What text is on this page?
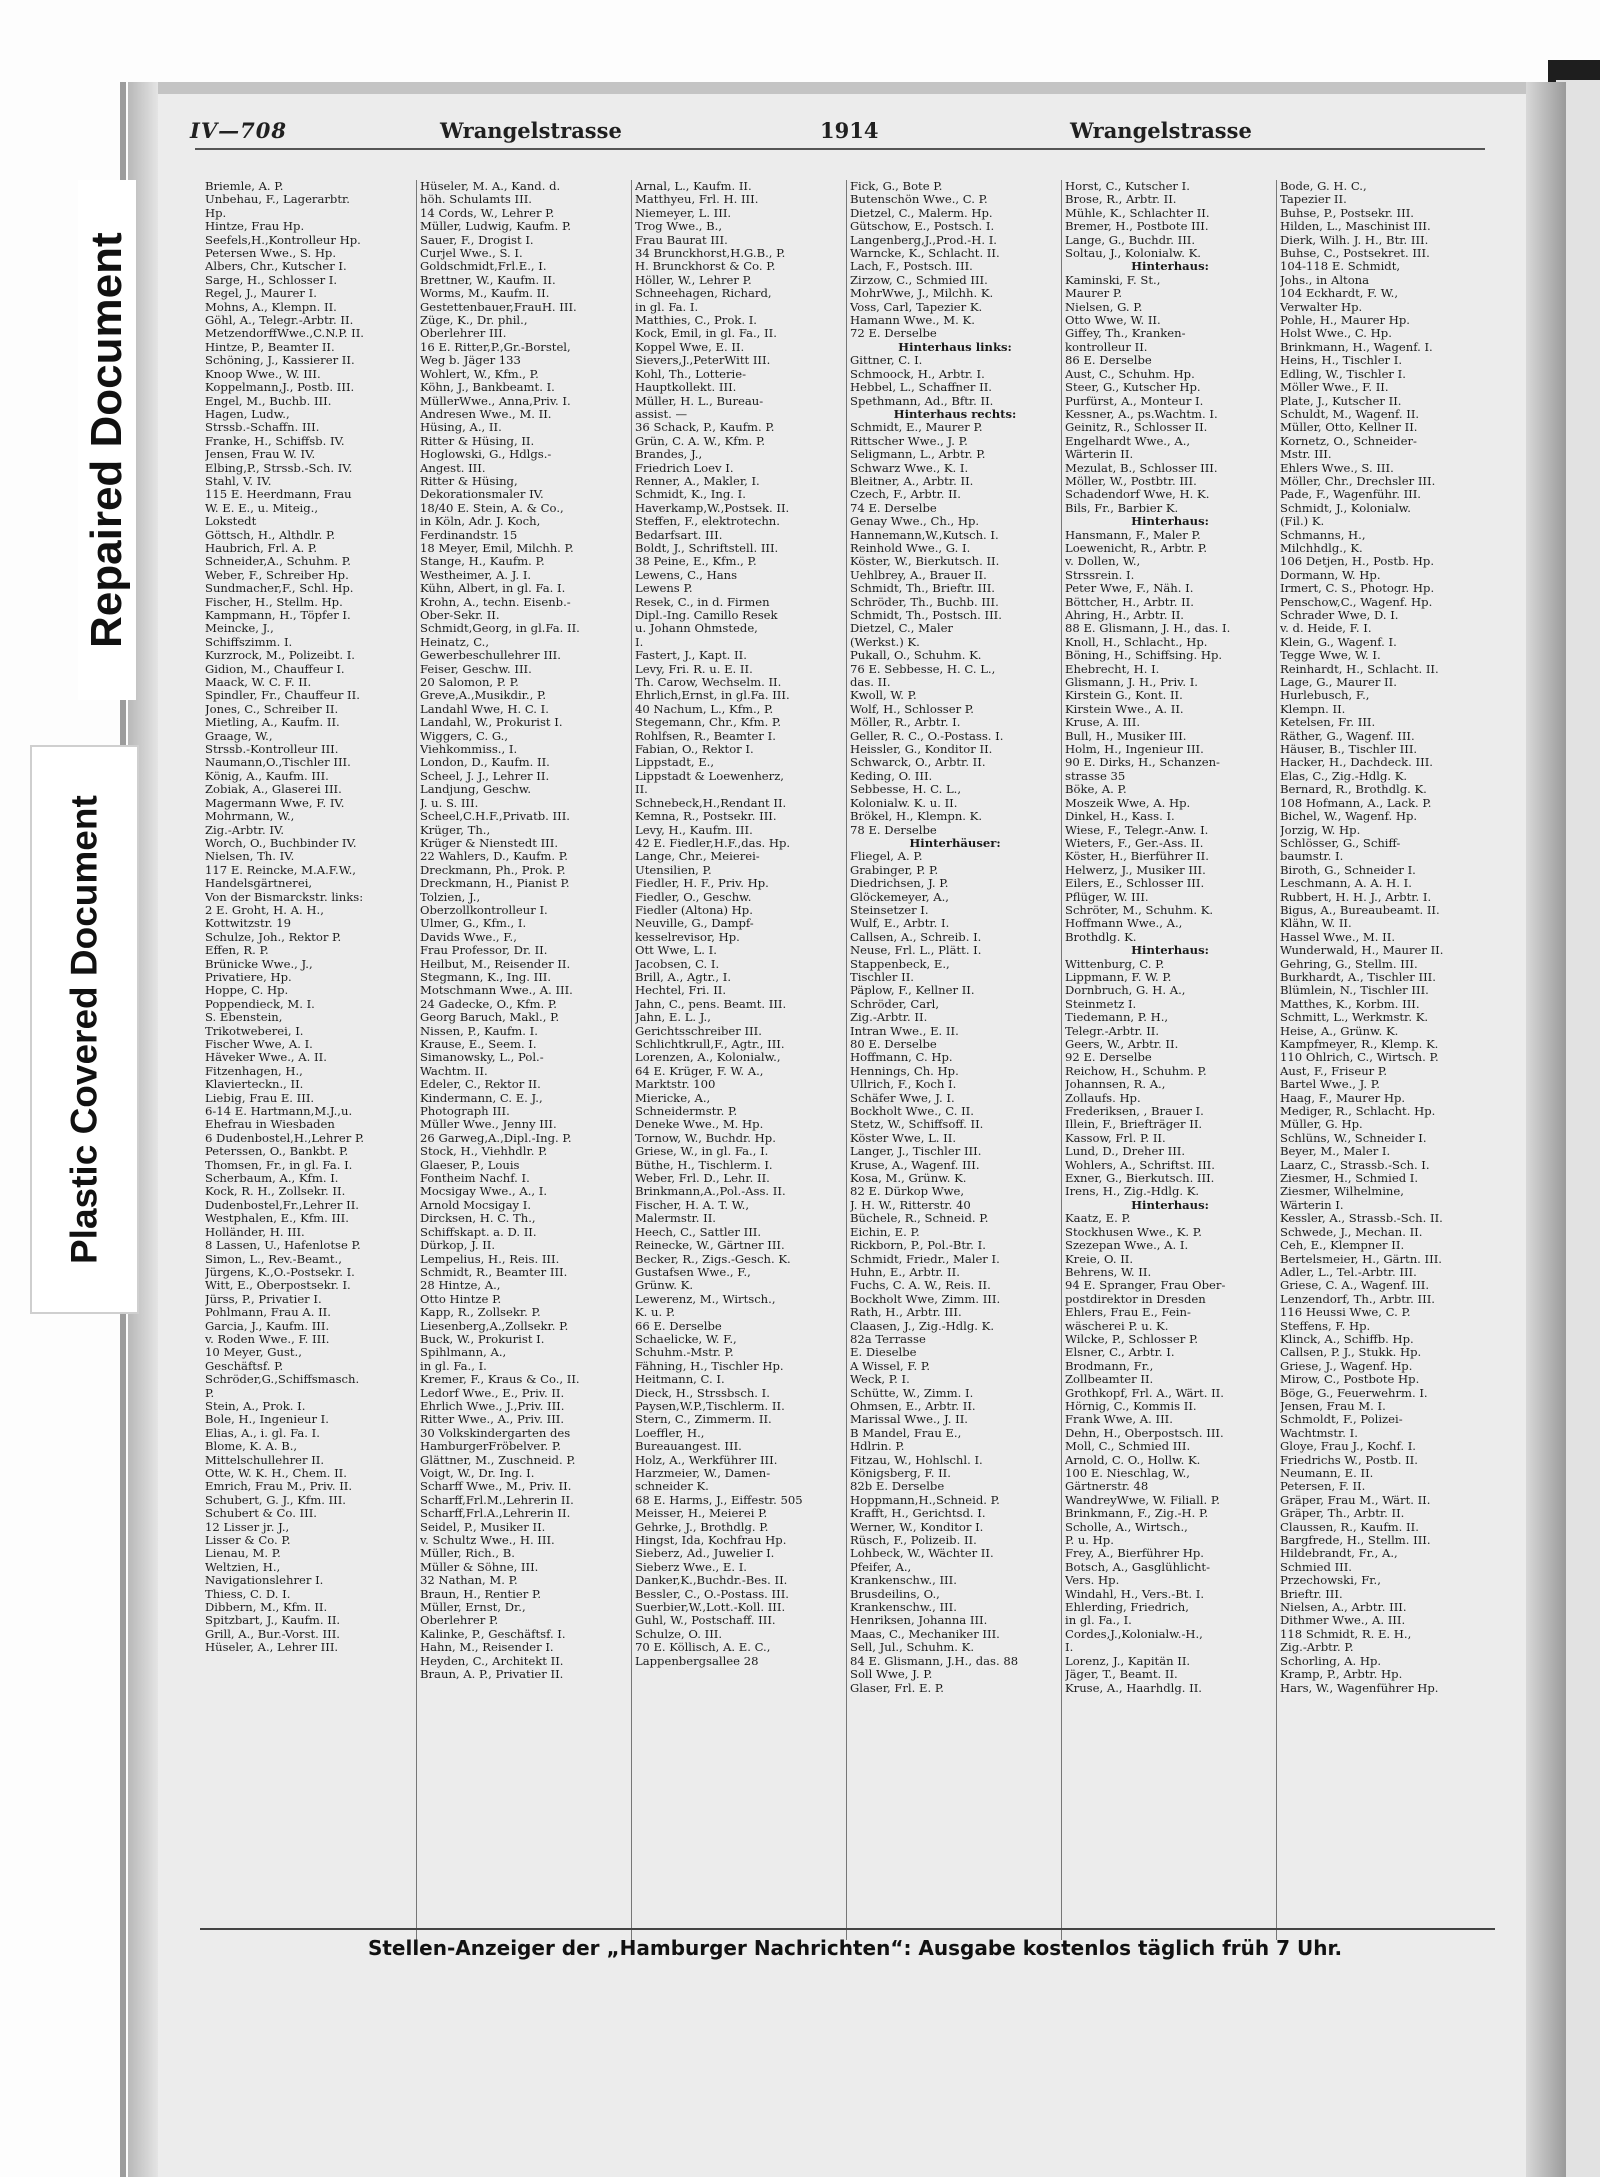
Repaired Document
Plastic Covered Document
IV—708	Wrangelstrasse	1914	Wrangelstrasse
Briemle, A. P.
Unbehau, F., Lagerarbtr.
Hp.
Hintze, Frau Hp.
Seefels,H.,Kontrolleur Hp.
Petersen Wwe., S. Hp.
Albers, Chr., Kutscher I.
Sarge, H., Schlosser I.
Regel, J., Maurer I.
Mohns, A., Klempn. II.
Göhl, A., Telegr.-Arbtr. II.
MetzendorffWwe.,C.N.P. II.
Hintze, P., Beamter II.
Schöning, J., Kassierer II.
Knoop Wwe., W. III.
Koppelmann,J., Postb. III.
Engel, M., Buchb. III.
Hagen, Ludw.,
Strssb.-Schaffn. III.
Franke, H., Schiffsb. IV.
Jensen, Frau W. IV.
Elbing,P., Strssb.-Sch. IV.
Stahl, V. IV.
115 E. Heerdmann, Frau
W. E. E., u. Miteig.,
Lokstedt
Göttsch, H., Althdlr. P.
Haubrich, Frl. A. P.
Schneider,A., Schuhm. P.
Weber, F., Schreiber Hp.
Sundmacher,F., Schl. Hp.
Fischer, H., Stellm. Hp.
Kampmann, H., Töpfer I.
Meincke, J.,
Schiffszimm. I.
Kurzrock, M., Polizeibt. I.
Gidion, M., Chauffeur I.
Maack, W. C. F. II.
Spindler, Fr., Chauffeur II.
Jones, C., Schreiber II.
Mietling, A., Kaufm. II.
Graage, W.,
Strssb.-Kontrolleur III.
Naumann,O.,Tischler III.
König, A., Kaufm. III.
Zobiak, A., Glaserei III.
Magermann Wwe, F. IV.
Mohrmann, W.,
Zig.-Arbtr. IV.
Worch, O., Buchbinder IV.
Nielsen, Th. IV.
117 E. Reincke, M.A.F.W.,
Handelsgärtnerei,
Von der Bismarckstr. links:
2 E. Groht, H. A. H.,
Kottwitzstr. 19
Schulze, Joh., Rektor P.
Effen, R. P.
Brünicke Wwe., J.,
Privatiere, Hp.
Hoppe, C. Hp.
Poppendieck, M. I.
S. Ebenstein,
Trikotweberei, I.
Fischer Wwe, A. I.
Häveker Wwe., A. II.
Fitzenhagen, H.,
Klavierteckn., II.
Liebig, Frau E. III.
6-14 E. Hartmann,M.J.,u.
Ehefrau in Wiesbaden
6 Dudenbostel,H.,Lehrer P.
Peterssen, O., Bankbt. P.
Thomsen, Fr., in gl. Fa. I.
Scherbaum, A., Kfm. I.
Kock, R. H., Zollsekr. II.
Dudenbostel,Fr.,Lehrer II.
Westphalen, E., Kfm. III.
Holländer, H. III.
8 Lassen, U., Hafenlotse P.
Simon, L., Rev.-Beamt.,
Jürgens, K.,O.-Postsekr. I.
Witt, E., Oberpostsekr. I.
Jürss, P., Privatier I.
Pohlmann, Frau A. II.
Garcia, J., Kaufm. III.
v. Roden Wwe., F. III.
10 Meyer, Gust.,
Geschäftsf. P.
Schröder,G.,Schiffsmasch.
P.
Stein, A., Prok. I.
Bole, H., Ingenieur I.
Elias, A., i. gl. Fa. I.
Blome, K. A. B.,
Mittelschullehrer II.
Otte, W. K. H., Chem. II.
Emrich, Frau M., Priv. II.
Schubert, G. J., Kfm. III.
Schubert & Co. III.
12 Lisser jr. J.,
Lisser & Co. P.
Lienau, M. P.
Weltzien, H.,
Navigationslehrer I.
Thiess, C. D. I.
Dibbern, M., Kfm. II.
Spitzbart, J., Kaufm. II.
Grill, A., Bur.-Vorst. III.
Hüseler, A., Lehrer III.
Hüseler, M. A., Kand. d.
höh. Schulamts III.
14 Cords, W., Lehrer P.
Müller, Ludwig, Kaufm. P.
Sauer, F., Drogist I.
Curjel Wwe., S. I.
Goldschmidt,Frl.E., I.
Brettner, W., Kaufm. II.
Worms, M., Kaufm. II.
Gestettenbauer,FrauH. III.
Züge, K., Dr. phil.,
Oberlehrer III.
16 E. Ritter,P.,Gr.-Borstel,
Weg b. Jäger 133
Wohlert, W., Kfm., P.
Köhn, J., Bankbeamt. I.
MüllerWwe., Anna,Priv. I.
Andresen Wwe., M. II.
Hüsing, A., II.
Ritter & Hüsing, II.
Hoglowski, G., Hdlgs.-
Angest. III.
Ritter & Hüsing,
Dekorationsmaler IV.
18/40 E. Stein, A. & Co.,
in Köln, Adr. J. Koch,
Ferdinandstr. 15
18 Meyer, Emil, Milchh. P.
Stange, H., Kaufm. P.
Westheimer, A. J. I.
Kühn, Albert, in gl. Fa. I.
Krohn, A., techn. Eisenb.-
Ober-Sekr. II.
Schmidt,Georg, in gl.Fa. II.
Heinatz, C.,
Gewerbeschullehrer III.
Feiser, Geschw. III.
20 Salomon, P. P.
Greve,A.,Musikdir., P.
Landahl Wwe, H. C. I.
Landahl, W., Prokurist I.
Wiggers, C. G.,
Viehkommiss., I.
London, D., Kaufm. II.
Scheel, J. J., Lehrer II.
Landjung, Geschw.
J. u. S. III.
Scheel,C.H.F.,Privatb. III.
Krüger, Th.,
Krüger & Nienstedt III.
22 Wahlers, D., Kaufm. P.
Dreckmann, Ph., Prok. P.
Dreckmann, H., Pianist P.
Tolzien, J.,
Oberzollkontrolleur I.
Ulmer, G., Kfm., I.
Davids Wwe., F.,
Frau Professor, Dr. II.
Heilbut, M., Reisender II.
Stegmann, K., Ing. III.
Motschmann Wwe., A. III.
24 Gadecke, O., Kfm. P.
Georg Baruch, Makl., P.
Nissen, P., Kaufm. I.
Krause, E., Seem. I.
Simanowsky, L., Pol.-
Wachtm. II.
Edeler, C., Rektor II.
Kindermann, C. E. J.,
Photograph III.
Müller Wwe., Jenny III.
26 Garweg,A.,Dipl.-Ing. P.
Stock, H., Viehhdlr. P.
Glaeser, P., Louis
Fontheim Nachf. I.
Mocsigay Wwe., A., I.
Arnold Mocsigay I.
Dircksen, H. C. Th.,
Schiffskapt. a. D. II.
Dürkop, J. II.
Lempelius, H., Reis. III.
Schmidt, R., Beamter III.
28 Hintze, A.,
Otto Hintze P.
Kapp, R., Zollsekr. P.
Liesenberg,A.,Zollsekr. P.
Buck, W., Prokurist I.
Spihlmann, A.,
in gl. Fa., I.
Kremer, F., Kraus & Co., II.
Ledorf Wwe., E., Priv. II.
Ehrlich Wwe., J.,Priv. III.
Ritter Wwe., A., Priv. III.
30 Volkskindergarten des
HamburgerFröbelver. P.
Glättner, M., Zuschneid. P.
Voigt, W., Dr. Ing. I.
Scharff Wwe., M., Priv. II.
Scharff,Frl.M.,Lehrerin II.
Scharff,Frl.A.,Lehrerin II.
Seidel, P., Musiker II.
v. Schultz Wwe., H. III.
Müller, Rich., B.
Müller & Söhne, III.
32 Nathan, M. P.
Braun, H., Rentier P.
Müller, Ernst, Dr.,
Oberlehrer P.
Kalinke, P., Geschäftsf. I.
Hahn, M., Reisender I.
Heyden, C., Architekt II.
Braun, A. P., Privatier II.
Arnal, L., Kaufm. II.
Matthyeu, Frl. H. III.
Niemeyer, L. III.
Trog Wwe., B.,
Frau Baurat III.
34 Brunckhorst,H.G.B., P.
H. Brunckhorst & Co. P.
Höller, W., Lehrer P.
Schneehagen, Richard,
in gl. Fa. I.
Matthies, C., Prok. I.
Kock, Emil, in gl. Fa., II.
Koppel Wwe, E. II.
Sievers,J.,PeterWitt III.
Kohl, Th., Lotterie-
Hauptkollekt. III.
Müller, H. L., Bureau-
assist. —
36 Schack, P., Kaufm. P.
Grün, C. A. W., Kfm. P.
Brandes, J.,
Friedrich Loev I.
Renner, A., Makler, I.
Schmidt, K., Ing. I.
Haverkamp,W.,Postsek. II.
Steffen, F., elektrotechn.
Bedarfsart. III.
Boldt, J., Schriftstell. III.
38 Peine, E., Kfm., P.
Lewens, C., Hans
Lewens P.
Resek, C., in d. Firmen
Dipl.-Ing. Camillo Resek
u. Johann Ohmstede,
I.
Fastert, J., Kapt. II.
Levy, Fri. R. u. E. II.
Th. Carow, Wechselm. II.
Ehrlich,Ernst, in gl.Fa. III.
40 Nachum, L., Kfm., P.
Stegemann, Chr., Kfm. P.
Rohlfsen, R., Beamter I.
Fabian, O., Rektor I.
Lippstadt, E.,
Lippstadt & Loewenherz,
II.
Schnebeck,H.,Rendant II.
Kemna, R., Postsekr. III.
Levy, H., Kaufm. III.
42 E. Fiedler,H.F.,das. Hp.
Lange, Chr., Meierei-
Utensilien, P.
Fiedler, H. F., Priv. Hp.
Fiedler, O., Geschw.
Fiedler (Altona) Hp.
Neuville, G., Dampf-
kesselrevisor, Hp.
Ott Wwe, L. I.
Jacobsen, C. I.
Brill, A., Agtr., I.
Hechtel, Fri. II.
Jahn, C., pens. Beamt. III.
Jahn, E. L. J.,
Gerichtsschreiber III.
Schlichtkrull,F., Agtr., III.
Lorenzen, A., Kolonialw.,
64 E. Krüger, F. W. A.,
Marktstr. 100
Miericke, A.,
Schneidermstr. P.
Deneke Wwe., M. Hp.
Tornow, W., Buchdr. Hp.
Griese, W., in gl. Fa., I.
Büthe, H., Tischlerm. I.
Weber, Frl. D., Lehr. II.
Brinkmann,A.,Pol.-Ass. II.
Fischer, H. A. T. W.,
Malermstr. II.
Heech, C., Sattler III.
Reinecke, W., Gärtner III.
Becker, R., Zigs.-Gesch. K.
Gustafsen Wwe., F.,
Grünw. K.
Lewerenz, M., Wirtsch.,
K. u. P.
66 E. Derselbe
Schaelicke, W. F.,
Schuhm.-Mstr. P.
Fähning, H., Tischler Hp.
Heitmann, C. I.
Dieck, H., Strssbsch. I.
Paysen,W.P.,Tischlerm. II.
Stern, C., Zimmerm. II.
Loeffler, H.,
Bureauangest. III.
Holz, A., Werkführer III.
Harzmeier, W., Damen-
schneider K.
68 E. Harms, J., Eiffestr. 505
Meisser, H., Meierei P.
Gehrke, J., Brothdlg. P.
Hingst, Ida, Kochfrau Hp.
Sieberz, Ad., Juwelier I.
Sieberz Wwe., E. I.
Danker,K.,Buchdr.-Bes. II.
Bessler, C., O.-Postass. III.
Suerbier,W.,Lott.-Koll. III.
Guhl, W., Postschaff. III.
Schulze, O. III.
70 E. Köllisch, A. E. C.,
Lappenbergsallee 28
Fick, G., Bote P.
Butenschön Wwe., C. P.
Dietzel, C., Malerm. Hp.
Gütschow, E., Postsch. I.
Langenberg,J.,Prod.-H. I.
Warncke, K., Schlacht. II.
Lach, F., Postsch. III.
Zirzow, C., Schmied III.
MohrWwe, J., Milchh. K.
Voss, Carl, Tapezier K.
Hamann Wwe., M. K.
72 E. Derselbe
Hinterhaus links:
Gittner, C. I.
Schmoock, H., Arbtr. I.
Hebbel, L., Schaffner II.
Spethmann, Ad., Bftr. II.
Hinterhaus rechts:
Schmidt, E., Maurer P.
Rittscher Wwe., J. P.
Seligmann, L., Arbtr. P.
Schwarz Wwe., K. I.
Bleitner, A., Arbtr. II.
Czech, F., Arbtr. II.
74 E. Derselbe
Genay Wwe., Ch., Hp.
Hannemann,W.,Kutsch. I.
Reinhold Wwe., G. I.
Köster, W., Bierkutsch. II.
Uehlbrey, A., Brauer II.
Schmidt, Th., Brieftr. III.
Schröder, Th., Buchb. III.
Schmidt, Th., Postsch. III.
Dietzel, C., Maler
(Werkst.) K.
Pukall, O., Schuhm. K.
76 E. Sebbesse, H. C. L.,
das. II.
Kwoll, W. P.
Wolf, H., Schlosser P.
Möller, R., Arbtr. I.
Geller, R. C., O.-Postass. I.
Heissler, G., Konditor II.
Schwarck, O., Arbtr. II.
Keding, O. III.
Sebbesse, H. C. L.,
Kolonialw. K. u. II.
Brökel, H., Klempn. K.
78 E. Derselbe
Hinterhäuser:
Fliegel, A. P.
Grabinger, P. P.
Diedrichsen, J. P.
Glöckemeyer, A.,
Steinsetzer I.
Wulf, E., Arbtr. I.
Callsen, A., Schreib. I.
Neuse, Frl. L., Plätt. I.
Stappenbeck, E.,
Tischler II.
Päplow, F., Kellner II.
Schröder, Carl,
Zig.-Arbtr. II.
Intran Wwe., E. II.
80 E. Derselbe
Hoffmann, C. Hp.
Hennings, Ch. Hp.
Ullrich, F., Koch I.
Schäfer Wwe, J. I.
Bockholt Wwe., C. II.
Stetz, W., Schiffsoff. II.
Köster Wwe, L. II.
Langer, J., Tischler III.
Kruse, A., Wagenf. III.
Kosa, M., Grünw. K.
82 E. Dürkop Wwe,
J. H. W., Ritterstr. 40
Büchele, R., Schneid. P.
Eichin, E. P.
Rickborn, P., Pol.-Btr. I.
Schmidt, Friedr., Maler I.
Huhn, E., Arbtr. II.
Fuchs, C. A. W., Reis. II.
Bockholt Wwe, Zimm. III.
Rath, H., Arbtr. III.
Claasen, J., Zig.-Hdlg. K.
82a Terrasse
E. Dieselbe
A Wissel, F. P.
Weck, P. I.
Schütte, W., Zimm. I.
Ohmsen, E., Arbtr. II.
Marissal Wwe., J. II.
B Mandel, Frau E.,
Hdlrin. P.
Fitzau, W., Hohlschl. I.
Königsberg, F. II.
82b E. Derselbe
Hoppmann,H.,Schneid. P.
Krafft, H., Gerichtsd. I.
Werner, W., Konditor I.
Rüsch, F., Polizeib. II.
Lohbeck, W., Wächter II.
Pfeifer, A.,
Krankenschw., III.
Brusdeilins, O.,
Krankenschw., III.
Henriksen, Johanna III.
Maas, C., Mechaniker III.
Sell, Jul., Schuhm. K.
84 E. Glismann, J.H., das. 88
Soll Wwe, J. P.
Glaser, Frl. E. P.
Horst, C., Kutscher I.
Brose, R., Arbtr. II.
Mühle, K., Schlachter II.
Bremer, H., Postbote III.
Lange, G., Buchdr. III.
Soltau, J., Kolonialw. K.
Hinterhaus:
Kaminski, F. St.,
Maurer P.
Nielsen, G. P.
Otto Wwe, W. II.
Giffey, Th., Kranken-
kontrolleur II.
86 E. Derselbe
Aust, C., Schuhm. Hp.
Steer, G., Kutscher Hp.
Purfürst, A., Monteur I.
Kessner, A., ps.Wachtm. I.
Geinitz, R., Schlosser II.
Engelhardt Wwe., A.,
Wärterin II.
Mezulat, B., Schlosser III.
Möller, W., Postbtr. III.
Schadendorf Wwe, H. K.
Bils, Fr., Barbier K.
Hinterhaus:
Hansmann, F., Maler P.
Loewenicht, R., Arbtr. P.
v. Dollen, W.,
Strssrein. I.
Peter Wwe, F., Näh. I.
Böttcher, H., Arbtr. II.
Ahring, H., Arbtr. II.
88 E. Glismann, J. H., das. I.
Knoll, H., Schlacht., Hp.
Böning, H., Schiffsing. Hp.
Ehebrecht, H. I.
Glismann, J. H., Priv. I.
Kirstein G., Kont. II.
Kirstein Wwe., A. II.
Kruse, A. III.
Bull, H., Musiker III.
Holm, H., Ingenieur III.
90 E. Dirks, H., Schanzen-
strasse 35
Böke, A. P.
Moszeik Wwe, A. Hp.
Dinkel, H., Kass. I.
Wiese, F., Telegr.-Anw. I.
Wieters, F., Ger.-Ass. II.
Köster, H., Bierführer II.
Helwerz, J., Musiker III.
Eilers, E., Schlosser III.
Pflüger, W. III.
Schröter, M., Schuhm. K.
Hoffmann Wwe., A.,
Brothdlg. K.
Hinterhaus:
Wittenburg, C. P.
Lippmann, F. W. P.
Dornbruch, G. H. A.,
Steinmetz I.
Tiedemann, P. H.,
Telegr.-Arbtr. II.
Geers, W., Arbtr. II.
92 E. Derselbe
Reichow, H., Schuhm. P.
Johannsen, R. A.,
Zollaufs. Hp.
Frederiksen, , Brauer I.
Illein, F., Briefträger II.
Kassow, Frl. P. II.
Lund, D., Dreher III.
Wohlers, A., Schriftst. III.
Exner, G., Bierkutsch. III.
Irens, H., Zig.-Hdlg. K.
Hinterhaus:
Kaatz, E. P.
Stockhusen Wwe., K. P.
Szezepan Wwe., A. I.
Kreie, O. II.
Behrens, W. II.
94 E. Spranger, Frau Ober-
postdirektor in Dresden
Ehlers, Frau E., Fein-
wäscherei P. u. K.
Wilcke, P., Schlosser P.
Elsner, C., Arbtr. I.
Brodmann, Fr.,
Zollbeamter II.
Grothkopf, Frl. A., Wärt. II.
Hörnig, C., Kommis II.
Frank Wwe, A. III.
Dehn, H., Oberpostsch. III.
Moll, C., Schmied III.
Arnold, C. O., Hollw. K.
100 E. Nieschlag, W.,
Gärtnerstr. 48
WandreyWwe, W. Filiall. P.
Brinkmann, F., Zig.-H. P.
Scholle, A., Wirtsch.,
P. u. Hp.
Frey, A., Bierführer Hp.
Botsch, A., Gasglühlicht-
Vers. Hp.
Windahl, H., Vers.-Bt. I.
Ehlerding, Friedrich,
in gl. Fa., I.
Cordes,J.,Kolonialw.-H.,
I.
Lorenz, J., Kapitän II.
Jäger, T., Beamt. II.
Kruse, A., Haarhdlg. II.
Bode, G. H. C.,
Tapezier II.
Buhse, P., Postsekr. III.
Hilden, L., Maschinist III.
Dierk, Wilh. J. H., Btr. III.
Buhse, C., Postsekret. III.
104-118 E. Schmidt,
Johs., in Altona
104 Eckhardt, F. W.,
Verwalter Hp.
Pohle, H., Maurer Hp.
Holst Wwe., C. Hp.
Brinkmann, H., Wagenf. I.
Heins, H., Tischler I.
Edling, W., Tischler I.
Möller Wwe., F. II.
Plate, J., Kutscher II.
Schuldt, M., Wagenf. II.
Müller, Otto, Kellner II.
Kornetz, O., Schneider-
Mstr. III.
Ehlers Wwe., S. III.
Möller, Chr., Drechsler III.
Pade, F., Wagenführ. III.
Schmidt, J., Kolonialw.
(Fil.) K.
Schmanns, H.,
Milchhdlg., K.
106 Detjen, H., Postb. Hp.
Dormann, W. Hp.
Irmert, C. S., Photogr. Hp.
Penschow,C., Wagenf. Hp.
Schrader Wwe, D. I.
v. d. Heide, F. I.
Klein, G., Wagenf. I.
Tegge Wwe, W. I.
Reinhardt, H., Schlacht. II.
Lage, G., Maurer II.
Hurlebusch, F.,
Klempn. II.
Ketelsen, Fr. III.
Räther, G., Wagenf. III.
Häuser, B., Tischler III.
Hacker, H., Dachdeck. III.
Elas, C., Zig.-Hdlg. K.
Bernard, R., Brothdlg. K.
108 Hofmann, A., Lack. P.
Bichel, W., Wagenf. Hp.
Jorzig, W. Hp.
Schlösser, G., Schiff-
baumstr. I.
Biroth, G., Schneider I.
Leschmann, A. A. H. I.
Rubbert, H. H. J., Arbtr. I.
Bigus, A., Bureaubeamt. II.
Klähn, W. II.
Hassel Wwe., M. II.
Wunderwald, H., Maurer II.
Gehring, G., Stellm. III.
Burkhardt, A., Tischler III.
Blümlein, N., Tischler III.
Matthes, K., Korbm. III.
Schmitt, L., Werkmstr. K.
Heise, A., Grünw. K.
Kampfmeyer, R., Klemp. K.
110 Ohlrich, C., Wirtsch. P.
Aust, F., Friseur P.
Bartel Wwe., J. P.
Haag, F., Maurer Hp.
Mediger, R., Schlacht. Hp.
Müller, G. Hp.
Schlüns, W., Schneider I.
Beyer, M., Maler I.
Laarz, C., Strassb.-Sch. I.
Ziesmer, H., Schmied I.
Ziesmer, Wilhelmine,
Wärterin I.
Kessler, A., Strassb.-Sch. II.
Schwede, J., Mechan. II.
Ceh, E., Klempner II.
Bertelsmeier, H., Gärtn. III.
Adler, L., Tel.-Arbtr. III.
Griese, C. A., Wagenf. III.
Lenzendorf, Th., Arbtr. III.
116 Heussi Wwe, C. P.
Steffens, F. Hp.
Klinck, A., Schiffb. Hp.
Callsen, P. J., Stukk. Hp.
Griese, J., Wagenf. Hp.
Mirow, C., Postbote Hp.
Böge, G., Feuerwehrm. I.
Jensen, Frau M. I.
Schmoldt, F., Polizei-
Wachtmstr. I.
Gloye, Frau J., Kochf. I.
Friedrichs W., Postb. II.
Neumann, E. II.
Petersen, F. II.
Gräper, Frau M., Wärt. II.
Gräper, Th., Arbtr. II.
Claussen, R., Kaufm. II.
Bargfrede, H., Stellm. III.
Hildebrandt, Fr., A.,
Schmied III.
Przechowski, Fr.,
Brieftr. III.
Nielsen, A., Arbtr. III.
Dithmer Wwe., A. III.
118 Schmidt, R. E. H.,
Zig.-Arbtr. P.
Schorling, A. Hp.
Kramp, P., Arbtr. Hp.
Hars, W., Wagenführer Hp.
Stellen-Anzeiger der „Hamburger Nachrichten“: Ausgabe kostenlos täglich früh 7 Uhr.
